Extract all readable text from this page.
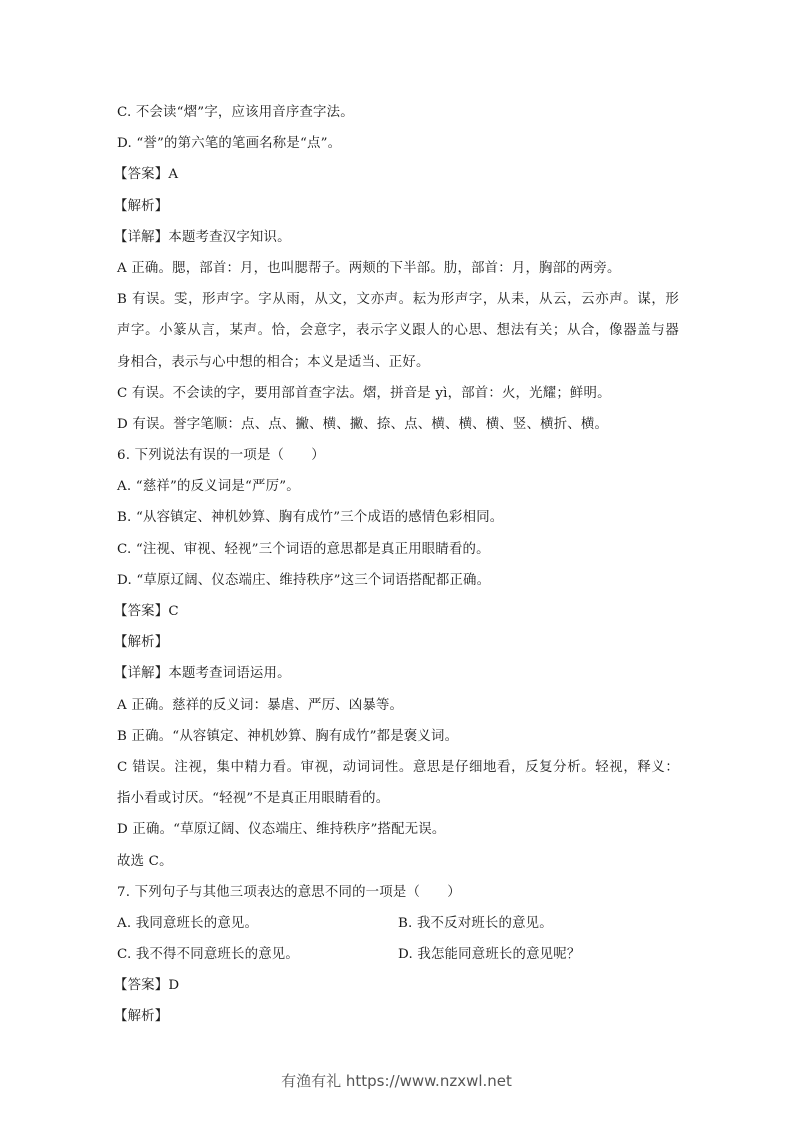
C. 不会读“熠”字，应该用音序查字法。
D. “誉”的第六笔的笔画名称是“点”。
【答案】A
【解析】
【详解】本题考查汉字知识。
A 正确。腮，部首：月，也叫腮帮子。两颊的下半部。肋，部首：月，胸部的两旁。
B 有误。雯，形声字。字从雨，从文，文亦声。耘为形声字，从耒，从云，云亦声。谋，形
声字。小篆从言，某声。恰，会意字，表示字义跟人的心思、想法有关；从合，像器盖与器
身相合，表示与心中想的相合；本义是适当、正好。
C 有误。不会读的字，要用部首查字法。熠，拼音是 yì，部首：火，光耀；鲜明。
D 有误。誉字笔顺：点、点、撇、横、撇、捺、点、横、横、横、竖、横折、横。
6. 下列说法有误的一项是（　　）
A. “慈祥”的反义词是“严厉”。
B. “从容镇定、神机妙算、胸有成竹”三个成语的感情色彩相同。
C. “注视、审视、轻视”三个词语的意思都是真正用眼睛看的。
D. “草原辽阔、仪态端庄、维持秩序”这三个词语搭配都正确。
【答案】C
【解析】
【详解】本题考查词语运用。
A 正确。慈祥的反义词：暴虐、严厉、凶暴等。
B 正确。“从容镇定、神机妙算、胸有成竹”都是褒义词。
C 错误。注视，集中精力看。审视，动词词性。意思是仔细地看，反复分析。轻视，释义：
指小看或讨厌。“轻视”不是真正用眼睛看的。
D 正确。“草原辽阔、仪态端庄、维持秩序”搭配无误。
故选 C。
7. 下列句子与其他三项表达的意思不同的一项是（　　）
A. 我同意班长的意见。	B. 我不反对班长的意见。
C. 我不得不同意班长的意见。	D. 我怎能同意班长的意见呢？
【答案】D
【解析】
有渔有礼 https://www.nzxwl.net
